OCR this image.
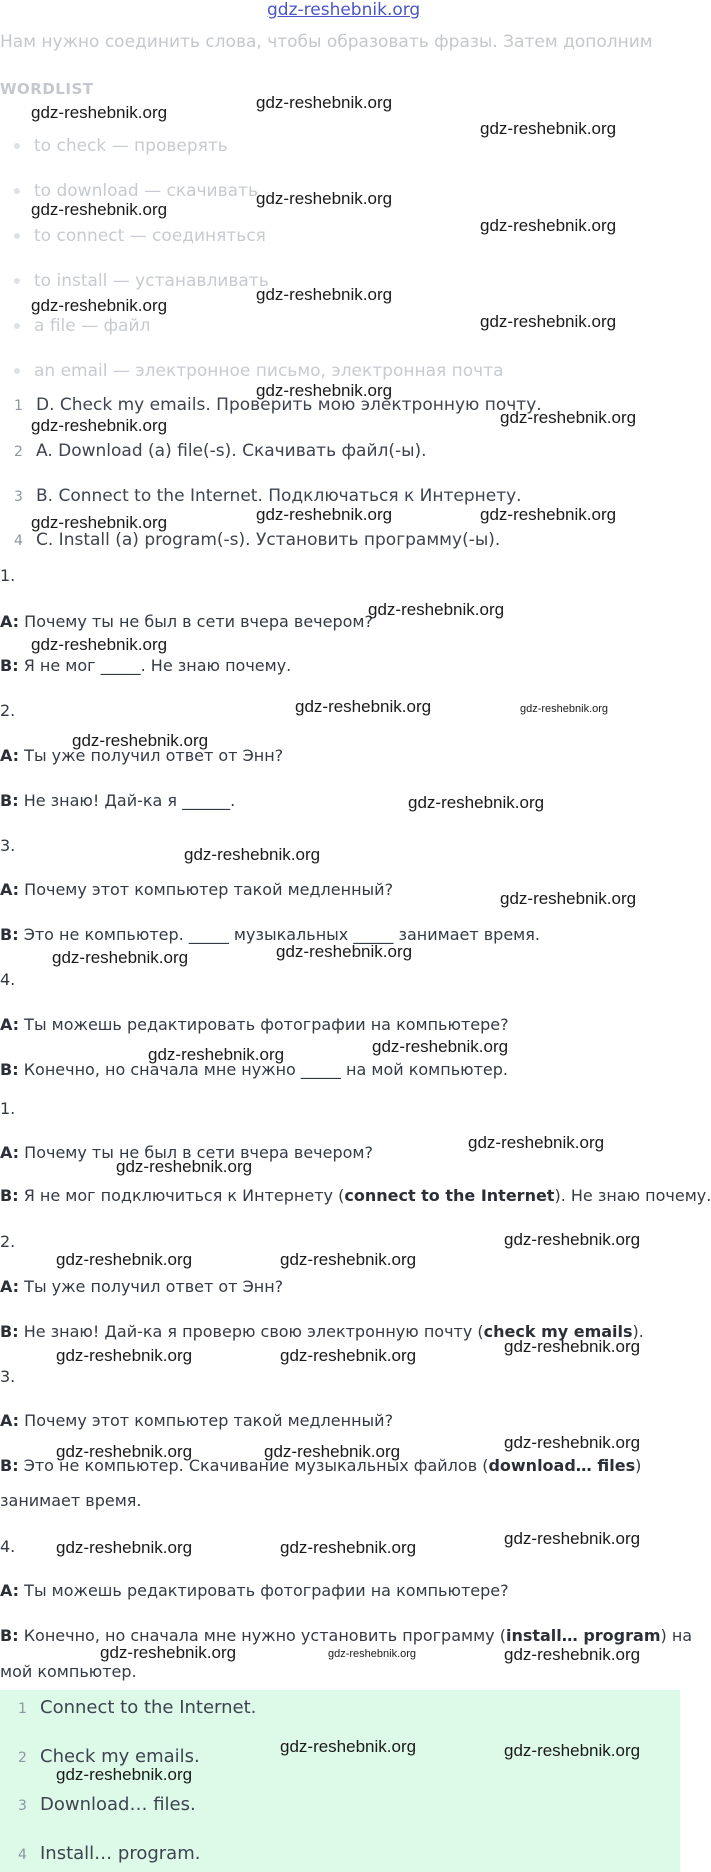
gdz-reshebnik.org
Нам нужно соединить слова, чтобы образовать фразы. Затем дополним
WORDLIST
to check — проверять
to download — скачивать
to connect — соединяться
to install — устанавливать
a file — файл
an email — электронное письмо, электронная почта
1 D. Check my emails. Проверить мою электронную почту.
2 A. Download (a) file(-s). Скачивать файл(-ы).
3 B. Connect to the Internet. Подключаться к Интернету.
4 C. Install (a) program(-s). Установить программу(-ы).
1.
A: Почему ты не был в сети вчера вечером?
B: Я не мог _____. Не знаю почему.
2.
A: Ты уже получил ответ от Энн?
B: Не знаю! Дай-ка я ______.
3.
A: Почему этот компьютер такой медленный?
B: Это не компьютер. _____ музыкальных _____ занимает время.
4.
A: Ты можешь редактировать фотографии на компьютере?
B: Конечно, но сначала мне нужно _____ на мой компьютер.
1.
A: Почему ты не был в сети вчера вечером?
B: Я не мог подключиться к Интернету (connect to the Internet). Не знаю почему.
2.
A: Ты уже получил ответ от Энн?
B: Не знаю! Дай-ка я проверю свою электронную почту (check my emails).
3.
A: Почему этот компьютер такой медленный?
B: Это не компьютер. Скачивание музыкальных файлов (download… files)
занимает время.
4.
A: Ты можешь редактировать фотографии на компьютере?
B: Конечно, но сначала мне нужно установить программу (install… program) на
мой компьютер.
1 Connect to the Internet.
2 Check my emails.
3 Download… files.
4 Install… program.
gdz-reshebnik.org
gdz-reshebnik.org
gdz-reshebnik.org
gdz-reshebnik.org
gdz-reshebnik.org
gdz-reshebnik.org
gdz-reshebnik.org
gdz-reshebnik.org
gdz-reshebnik.org
gdz-reshebnik.org
gdz-reshebnik.org	gdz-reshebnik.org
gdz-reshebnik.org	gdz-reshebnik.org	gdz-reshebnik.org
gdz-reshebnik.org
gdz-reshebnik.org
gdz-reshebnik.org	gdz-reshebnik.org
gdz-reshebnik.org
gdz-reshebnik.org
gdz-reshebnik.org
gdz-reshebnik.org
gdz-reshebnik.org
gdz-reshebnik.org
gdz-reshebnik.org
gdz-reshebnik.org
gdz-reshebnik.org
gdz-reshebnik.org
gdz-reshebnik.org
gdz-reshebnik.org	gdz-reshebnik.org
gdz-reshebnik.org
gdz-reshebnik.org	gdz-reshebnik.org
gdz-reshebnik.org
gdz-reshebnik.org	gdz-reshebnik.org
gdz-reshebnik.org
gdz-reshebnik.org	gdz-reshebnik.org
gdz-reshebnik.org	gdz-reshebnik.org	gdz-reshebnik.org
gdz-reshebnik.org	gdz-reshebnik.org
gdz-reshebnik.org
